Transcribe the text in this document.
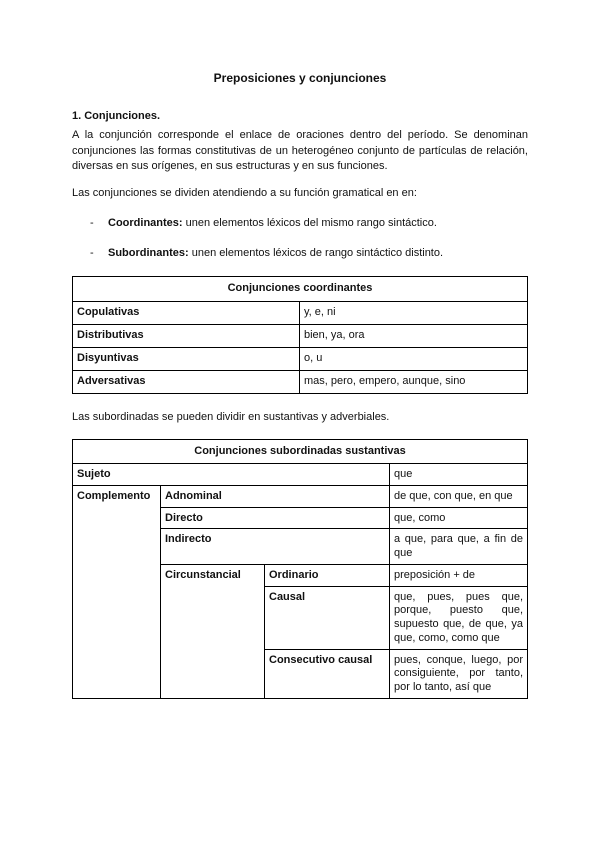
Preposiciones y conjunciones
1. Conjunciones.
A la conjunción corresponde el enlace de oraciones dentro del período. Se denominan conjunciones las formas constitutivas de un heterogéneo conjunto de partículas de relación, diversas en sus orígenes, en sus estructuras y en sus funciones.
Las conjunciones se dividen atendiendo a su función gramatical en en:
- Coordinantes: unen elementos léxicos del mismo rango sintáctico.
- Subordinantes: unen elementos léxicos de rango sintáctico distinto.
Conjunciones coordinantes	
Copulativas	y, e, ni
Distributivas	bien, ya, ora
Disyuntivas	o, u
Adversativas	mas, pero, empero, aunque, sino
Las subordinadas se pueden dividir en sustantivas y adverbiales.
Conjunciones subordinadas sustantivas			
Sujeto			que
Complemento	Adnominal		de que, con que, en que
	Directo		que, como
	Indirecto		a que, para que, a fin de que
	Circunstancial	Ordinario	preposición + de
		Causal	que, pues, pues que, porque, puesto que, supuesto que, de que, ya que, como, como que
		Consecutivo causal	pues, conque, luego, por consiguiente, por tanto, por lo tanto, así que
